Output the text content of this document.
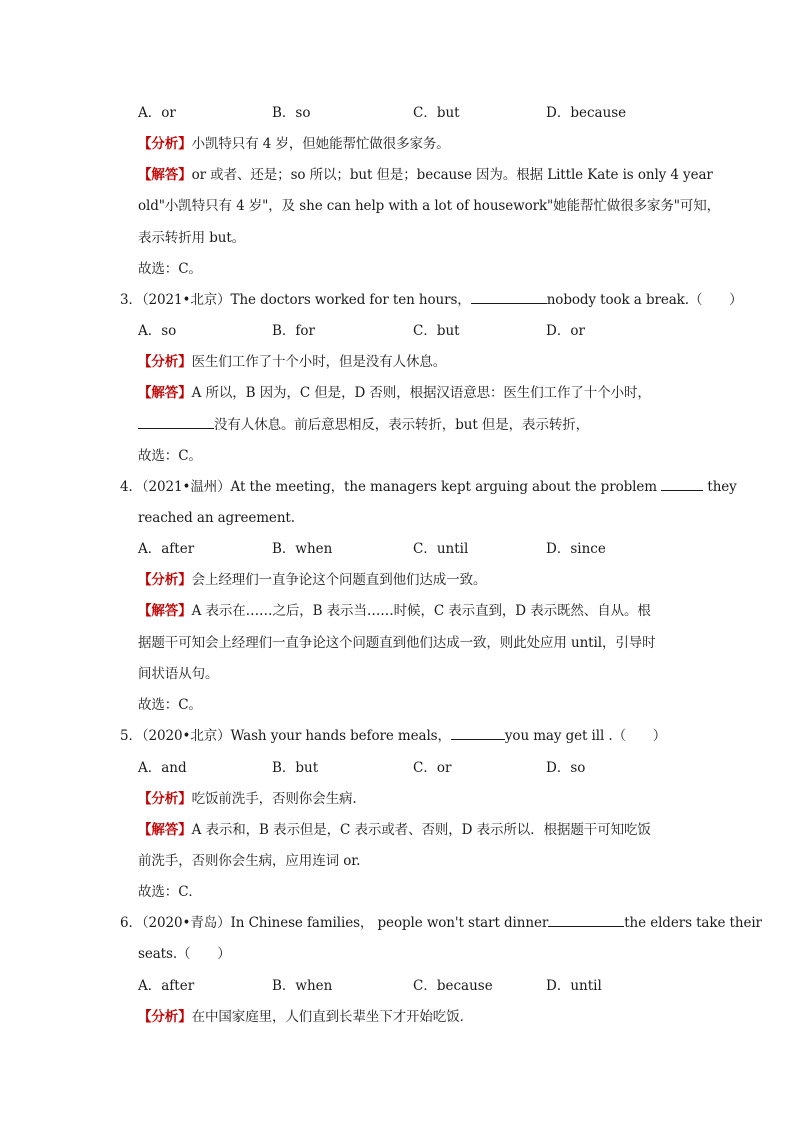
A．or	B．so	C．but	D．because
【分析】小凯特只有 4 岁，但她能帮忙做很多家务。
【解答】or 或者、还是；so 所以；but 但是；because 因为。根据 Little Kate is only 4 year
old"小凯特只有 4 岁"，及 she can help with a lot of housework"她能帮忙做很多家务"可知，
表示转折用 but。
故选：C。
3．（2021•北京）The doctors worked for ten hours，	nobody took a break.（　　）
A．so	B．for	C．but	D．or
【分析】医生们工作了十个小时，但是没有人休息。
【解答】A 所以，B 因为，C 但是，D 否则，根据汉语意思：医生们工作了十个小时，
没有人休息。前后意思相反，表示转折，but 但是，表示转折，
故选：C。
4．（2021•温州）At the meeting，the managers kept arguing about the problem	they
reached an agreement.
A．after	B．when	C．until	D．since
【分析】会上经理们一直争论这个问题直到他们达成一致。
【解答】A 表示在……之后，B 表示当……时候，C 表示直到，D 表示既然、自从。根
据题干可知会上经理们一直争论这个问题直到他们达成一致，则此处应用 until，引导时
间状语从句。
故选：C。
5．（2020•北京）Wash your hands before meals，	you may get ill .（　　）
A．and	B．but	C．or	D．so
【分析】吃饭前洗手，否则你会生病.
【解答】A 表示和，B 表示但是，C 表示或者、否则，D 表示所以．根据题干可知吃饭
前洗手，否则你会生病，应用连词 or.
故选：C．
6．（2020•青岛）In Chinese families， people won't start dinner	the elders take their
seats.（　　）
A．after	B．when	C．because	D．until
【分析】在中国家庭里，人们直到长辈坐下才开始吃饭．
